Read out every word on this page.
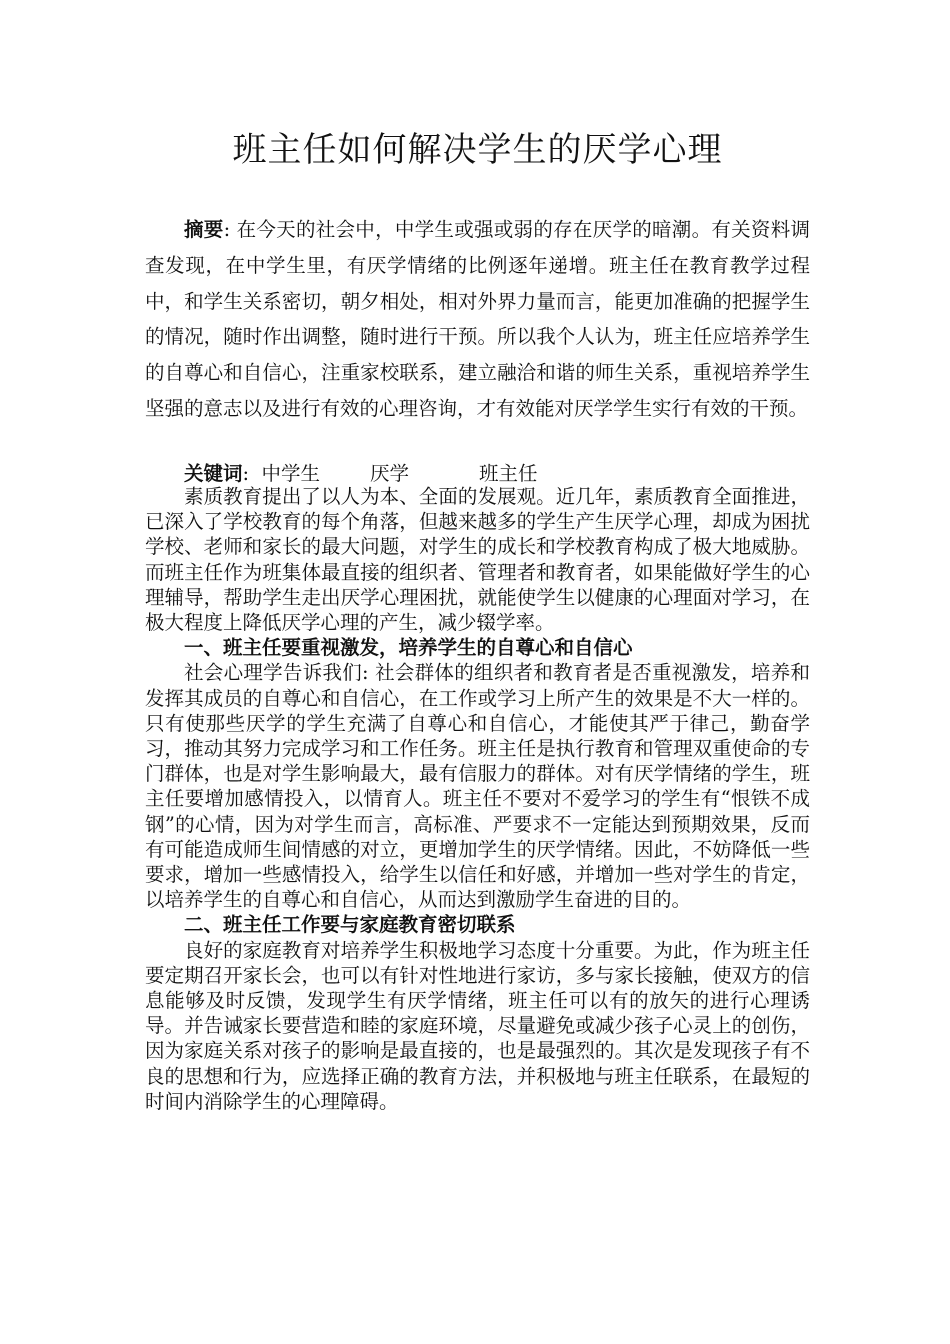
班主任如何解决学生的厌学心理

摘要: 在今天的社会中，中学生或强或弱的存在厌学的暗潮。有关资料调查发现，在中学生里，有厌学情绪的比例逐年递增。班主任在教育教学过程中，和学生关系密切，朝夕相处，相对外界力量而言，能更加准确的把握学生的情况，随时作出调整，随时进行干预。所以我个人认为，班主任应培养学生的自尊心和自信心，注重家校联系，建立融洽和谐的师生关系，重视培养学生坚强的意志以及进行有效的心理咨询，才有效能对厌学学生实行有效的干预。

关键词: 中学生	厌学	班主任

素质教育提出了以人为本、全面的发展观。近几年，素质教育全面推进，已深入了学校教育的每个角落，但越来越多的学生产生厌学心理，却成为困扰学校、老师和家长的最大问题，对学生的成长和学校教育构成了极大地威胁。而班主任作为班集体最直接的组织者、管理者和教育者，如果能做好学生的心理辅导，帮助学生走出厌学心理困扰，就能使学生以健康的心理面对学习，在极大程度上降低厌学心理的产生，减少辍学率。

一、班主任要重视激发，培养学生的自尊心和自信心

社会心理学告诉我们: 社会群体的组织者和教育者是否重视激发，培养和发挥其成员的自尊心和自信心，在工作或学习上所产生的效果是不大一样的。只有使那些厌学的学生充满了自尊心和自信心，才能使其严于律己，勤奋学习，推动其努力完成学习和工作任务。班主任是执行教育和管理双重使命的专门群体，也是对学生影响最大，最有信服力的群体。对有厌学情绪的学生，班主任要增加感情投入，以情育人。班主任不要对不爱学习的学生有“恨铁不成钢”的心情，因为对学生而言，高标准、严要求不一定能达到预期效果，反而有可能造成师生间情感的对立，更增加学生的厌学情绪。因此，不妨降低一些要求，增加一些感情投入，给学生以信任和好感，并增加一些对学生的肯定，以培养学生的自尊心和自信心，从而达到激励学生奋进的目的。

二、班主任工作要与家庭教育密切联系

良好的家庭教育对培养学生积极地学习态度十分重要。为此，作为班主任要定期召开家长会，也可以有针对性地进行家访，多与家长接触，使双方的信息能够及时反馈，发现学生有厌学情绪，班主任可以有的放矢的进行心理诱导。并告诫家长要营造和睦的家庭环境，尽量避免或减少孩子心灵上的创伤，因为家庭关系对孩子的影响是最直接的，也是最强烈的。其次是发现孩子有不良的思想和行为，应选择正确的教育方法，并积极地与班主任联系，在最短的时间内消除学生的心理障碍。
